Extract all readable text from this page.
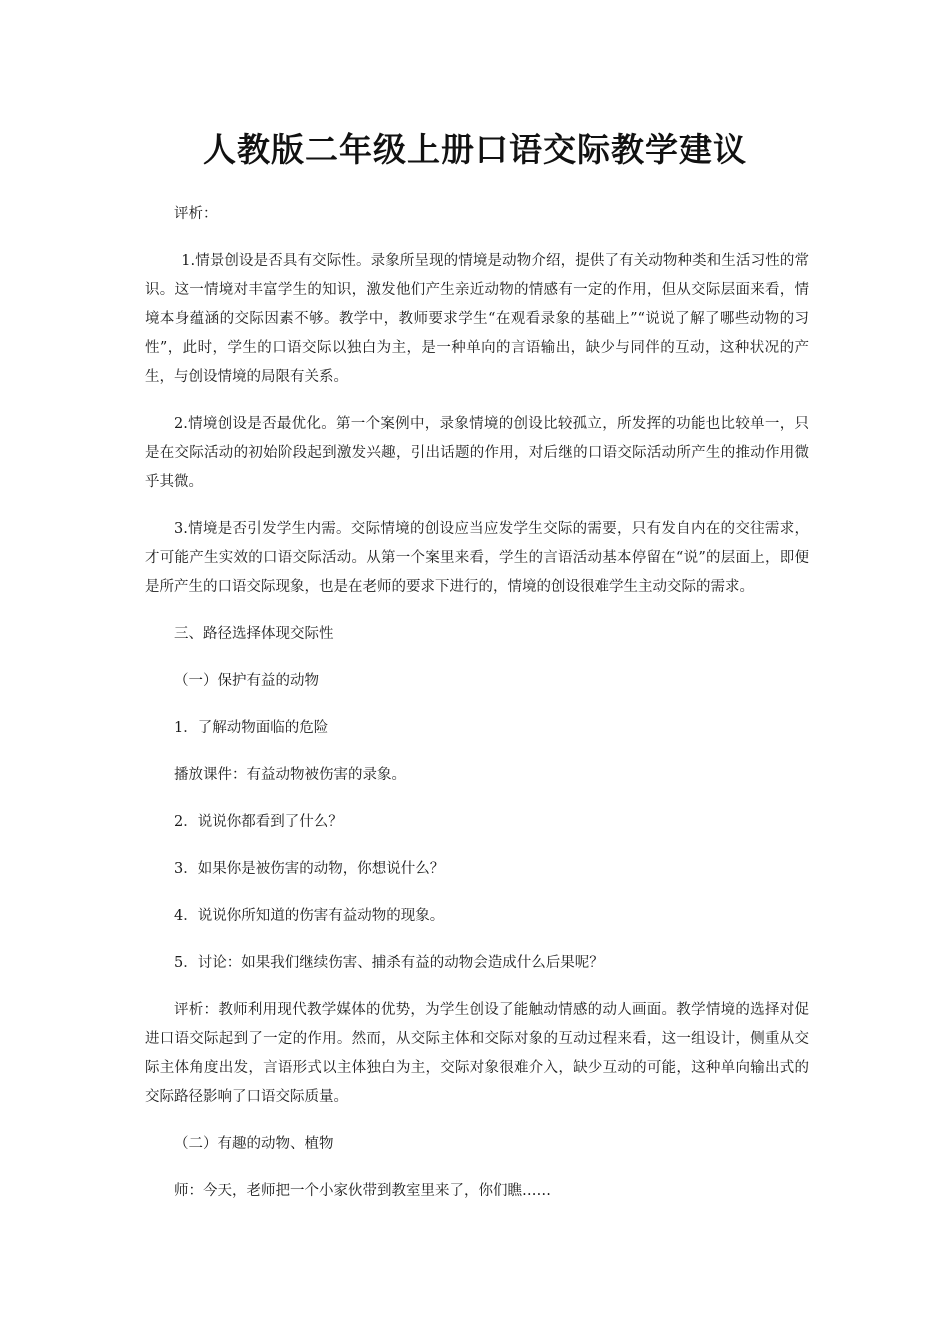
人教版二年级上册口语交际教学建议

评析：

1.情景创设是否具有交际性。录象所呈现的情境是动物介绍，提供了有关动物种类和生活习性的常识。这一情境对丰富学生的知识，激发他们产生亲近动物的情感有一定的作用，但从交际层面来看，情境本身蕴涵的交际因素不够。教学中，教师要求学生“在观看录象的基础上”“说说了解了哪些动物的习性”，此时，学生的口语交际以独白为主，是一种单向的言语输出，缺少与同伴的互动，这种状况的产生，与创设情境的局限有关系。

2.情境创设是否最优化。第一个案例中，录象情境的创设比较孤立，所发挥的功能也比较单一，只是在交际活动的初始阶段起到激发兴趣，引出话题的作用，对后继的口语交际活动所产生的推动作用微乎其微。

3.情境是否引发学生内需。交际情境的创设应当应发学生交际的需要，只有发自内在的交往需求，才可能产生实效的口语交际活动。从第一个案里来看，学生的言语活动基本停留在“说”的层面上，即便是所产生的口语交际现象，也是在老师的要求下进行的，情境的创设很难学生主动交际的需求。

三、路径选择体现交际性

（一）保护有益的动物

1．了解动物面临的危险

播放课件：有益动物被伤害的录象。

2．说说你都看到了什么？

3．如果你是被伤害的动物，你想说什么？

4．说说你所知道的伤害有益动物的现象。

5．讨论：如果我们继续伤害、捕杀有益的动物会造成什么后果呢？

评析：教师利用现代教学媒体的优势，为学生创设了能触动情感的动人画面。教学情境的选择对促进口语交际起到了一定的作用。然而，从交际主体和交际对象的互动过程来看，这一组设计，侧重从交际主体角度出发，言语形式以主体独白为主，交际对象很难介入，缺少互动的可能，这种单向输出式的交际路径影响了口语交际质量。

（二）有趣的动物、植物

师：今天，老师把一个小家伙带到教室里来了，你们瞧……
